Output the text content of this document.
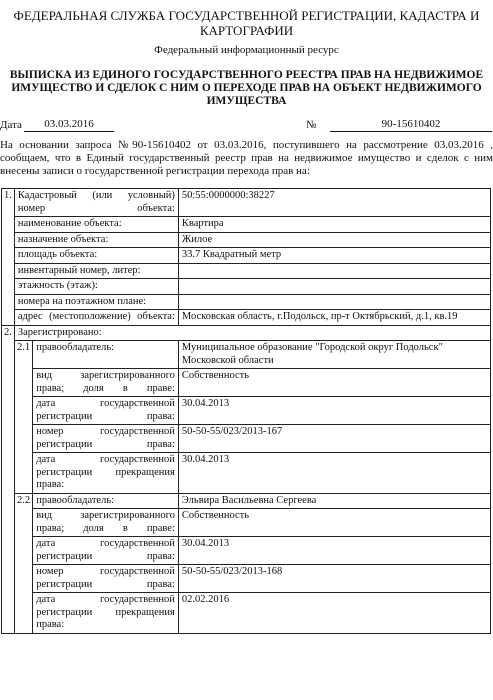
ФЕДЕРАЛЬНАЯ СЛУЖБА ГОСУДАРСТВЕННОЙ РЕГИСТРАЦИИ, КАДАСТРА И
КАРТОГРАФИИ
Федеральный информационный ресурс
ВЫПИСКА ИЗ ЕДИНОГО ГОСУДАРСТВЕННОГО РЕЕСТРА ПРАВ НА НЕДВИЖИМОЕ
ИМУЩЕСТВО И СДЕЛОК С НИМ О ПЕРЕХОДЕ ПРАВ НА ОБЪЕКТ НЕДВИЖИМОГО
ИМУЩЕСТВА
Дата	03.03.2016	№	90-15610402
На основании запроса №90-15610402 от 03.03.2016, поступившего на рассмотрение 03.03.2016 , сообщаем, что в Единый государственный реестр прав на недвижимое имущество и сделок с ним внесены записи о государственной регистрации перехода прав на:
1.	Кадастровый (или условный) номер объекта:		50:55:0000000:38227
	наименование объекта:		Квартира
	назначение объекта:		Жилое
	площадь объекта:		33.7 Квадратный метр
	инвентарный номер, литер:		
	этажность (этаж):		
	номера на поэтажном плане:		
	адрес (местоположение) объекта:		Московская область, г.Подольск, пр-т Октябрьский, д.1, кв.19
2.	Зарегистрировано:		
	2.1	правообладатель:	Муниципальное образование "Городской округ Подольск" Московской области
		вид зарегистрированного права; доля в праве:	Собственность
		дата государственной регистрации права:	30.04.2013
		номер государственной регистрации права:	50-50-55/023/2013-167
		дата государственной регистрации прекращения права:	30.04.2013
	2.2	правообладатель:	Эльвира Васильевна Сергеева
		вид зарегистрированного права; доля в праве:	Собственность
		дата государственной регистрации права:	30.04.2013
		номер государственной регистрации права:	50-50-55/023/2013-168
		дата государственной регистрации прекращения права:	02.02.2016
